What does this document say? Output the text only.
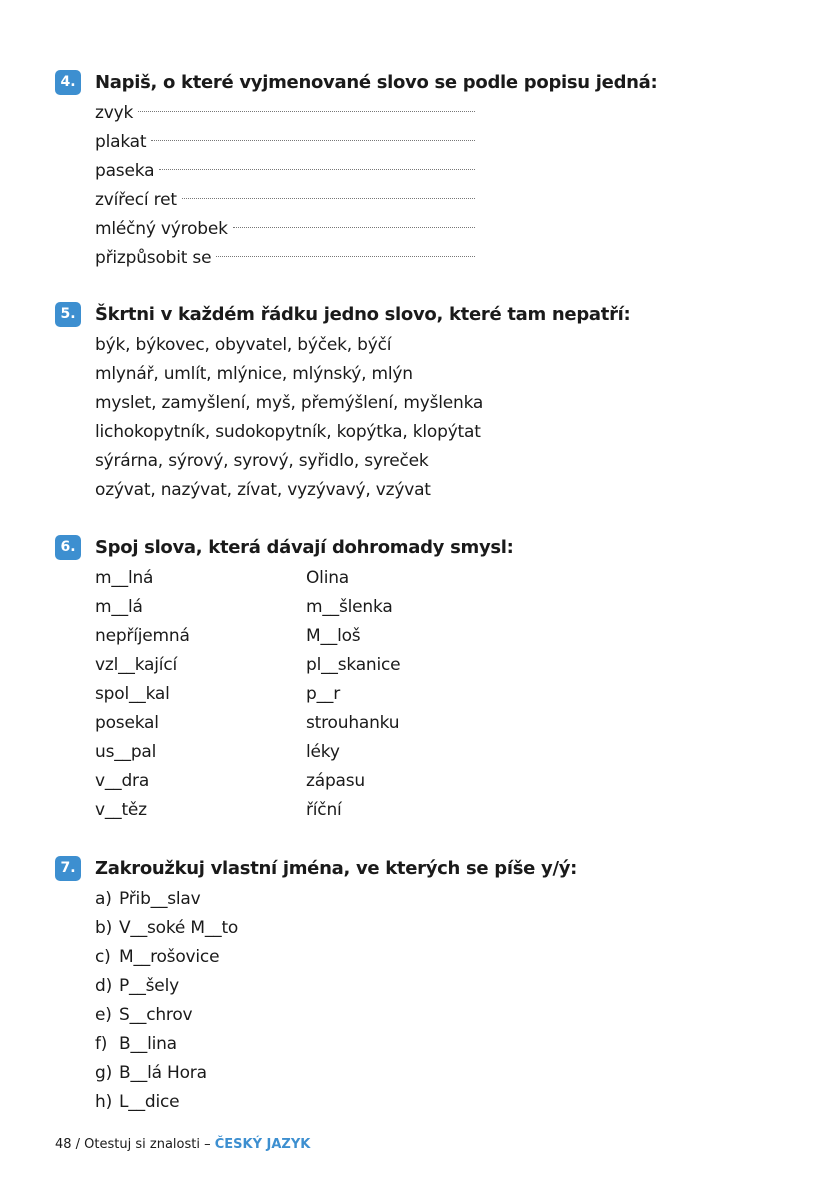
4.	Napiš, o které vyjmenované slovo se podle popisu jedná:
zvyk
plakat
paseka
zvířecí ret
mléčný výrobek
přizpůsobit se
5.	Škrtni v každém řádku jedno slovo, které tam nepatří:
býk, býkovec, obyvatel, býček, býčí
mlynář, umlít, mlýnice, mlýnský, mlýn
myslet, zamyšlení, myš, přemýšlení, myšlenka
lichokopytník, sudokopytník, kopýtka, klopýtat
sýrárna, sýrový, syrový, syřidlo, syreček
ozývat, nazývat, zívat, vyzývavý, vzývat
6.	Spoj slova, která dávají dohromady smysl:
m__lná	Olina
m__lá	m__šlenka
nepříjemná	M__loš
vzl__kající	pl__skanice
spol__kal	p__r
posekal	strouhanku
us__pal	léky
v__dra	zápasu
v__těz	říční
7.	Zakroužkuj vlastní jména, ve kterých se píše y/ý:
a) Přib__slav
b) V__soké M__to
c) M__rošovice
d) P__šely
e) S__chrov
f) B__lina
g) B__lá Hora
h) L__dice
48 / Otestuj si znalosti – ČESKÝ JAZYK
